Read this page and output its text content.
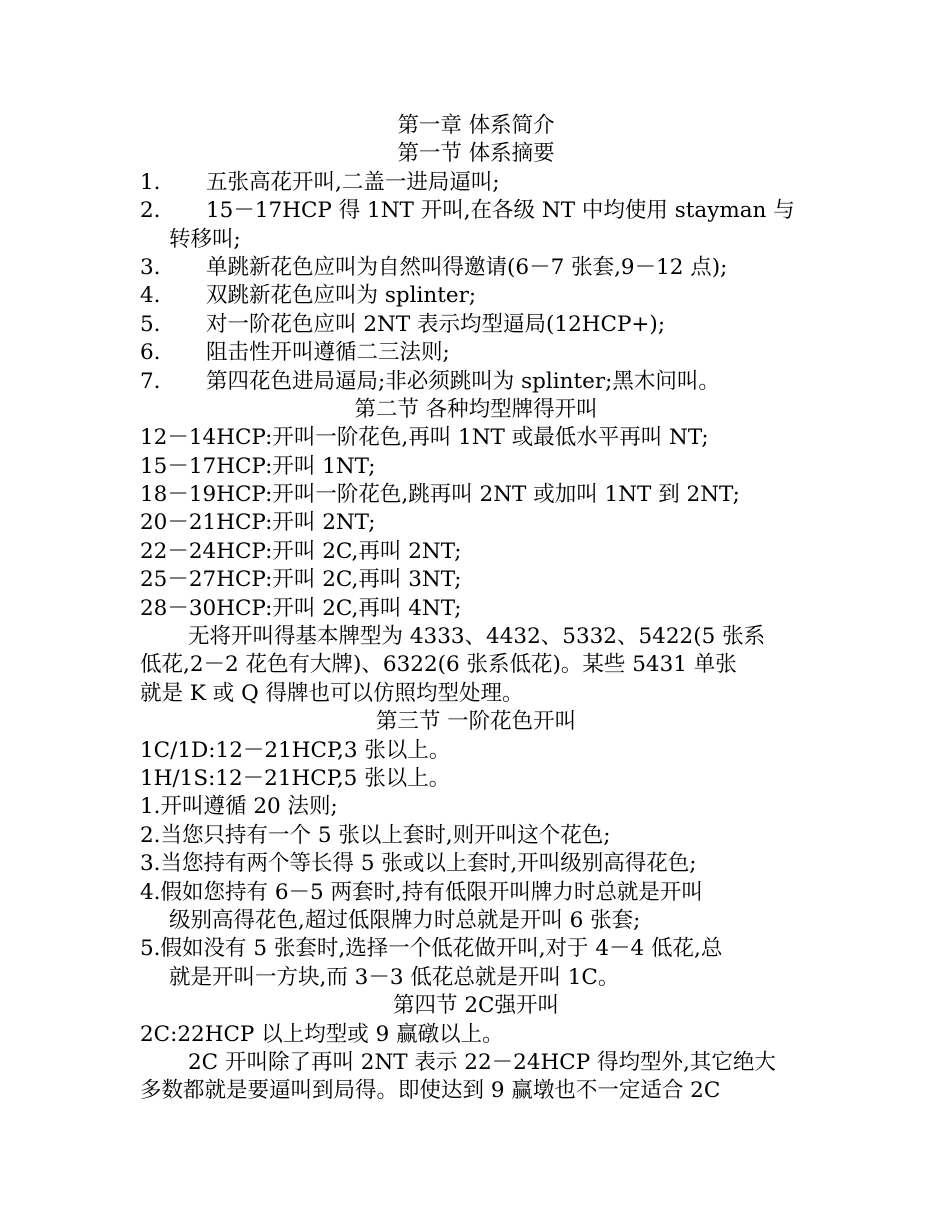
第一章 体系简介
第一节 体系摘要
1.	五张高花开叫,二盖一进局逼叫;
2.	15－17HCP 得 1NT 开叫,在各级 NT 中均使用 stayman 与
转移叫;
3.	单跳新花色应叫为自然叫得邀请(6－7 张套,9－12 点);
4.	双跳新花色应叫为 splinter;
5.	对一阶花色应叫 2NT 表示均型逼局(12HCP+);
6.	阻击性开叫遵循二三法则;
7.	第四花色进局逼局;非必须跳叫为 splinter;黑木问叫。
第二节 各种均型牌得开叫
12－14HCP:开叫一阶花色,再叫 1NT 或最低水平再叫 NT;
15－17HCP:开叫 1NT;
18－19HCP:开叫一阶花色,跳再叫 2NT 或加叫 1NT 到 2NT;
20－21HCP:开叫 2NT;
22－24HCP:开叫 2C,再叫 2NT;
25－27HCP:开叫 2C,再叫 3NT;
28－30HCP:开叫 2C,再叫 4NT;
无将开叫得基本牌型为 4333、4432、5332、5422(5 张系
低花,2－2 花色有大牌)、6322(6 张系低花)。某些 5431 单张
就是 K 或 Q 得牌也可以仿照均型处理。
第三节 一阶花色开叫
1C/1D:12－21HCP,3 张以上。
1H/1S:12－21HCP,5 张以上。
1.开叫遵循 20 法则;
2.当您只持有一个 5 张以上套时,则开叫这个花色;
3.当您持有两个等长得 5 张或以上套时,开叫级别高得花色;
4.假如您持有 6－5 两套时,持有低限开叫牌力时总就是开叫
级别高得花色,超过低限牌力时总就是开叫 6 张套;
5.假如没有 5 张套时,选择一个低花做开叫,对于 4－4 低花,总
就是开叫一方块,而 3－3 低花总就是开叫 1C。
第四节 2C强开叫
2C:22HCP 以上均型或 9 赢礅以上。
2C 开叫除了再叫 2NT 表示 22－24HCP 得均型外,其它绝大
多数都就是要逼叫到局得。即使达到 9 赢墩也不一定适合 2C
